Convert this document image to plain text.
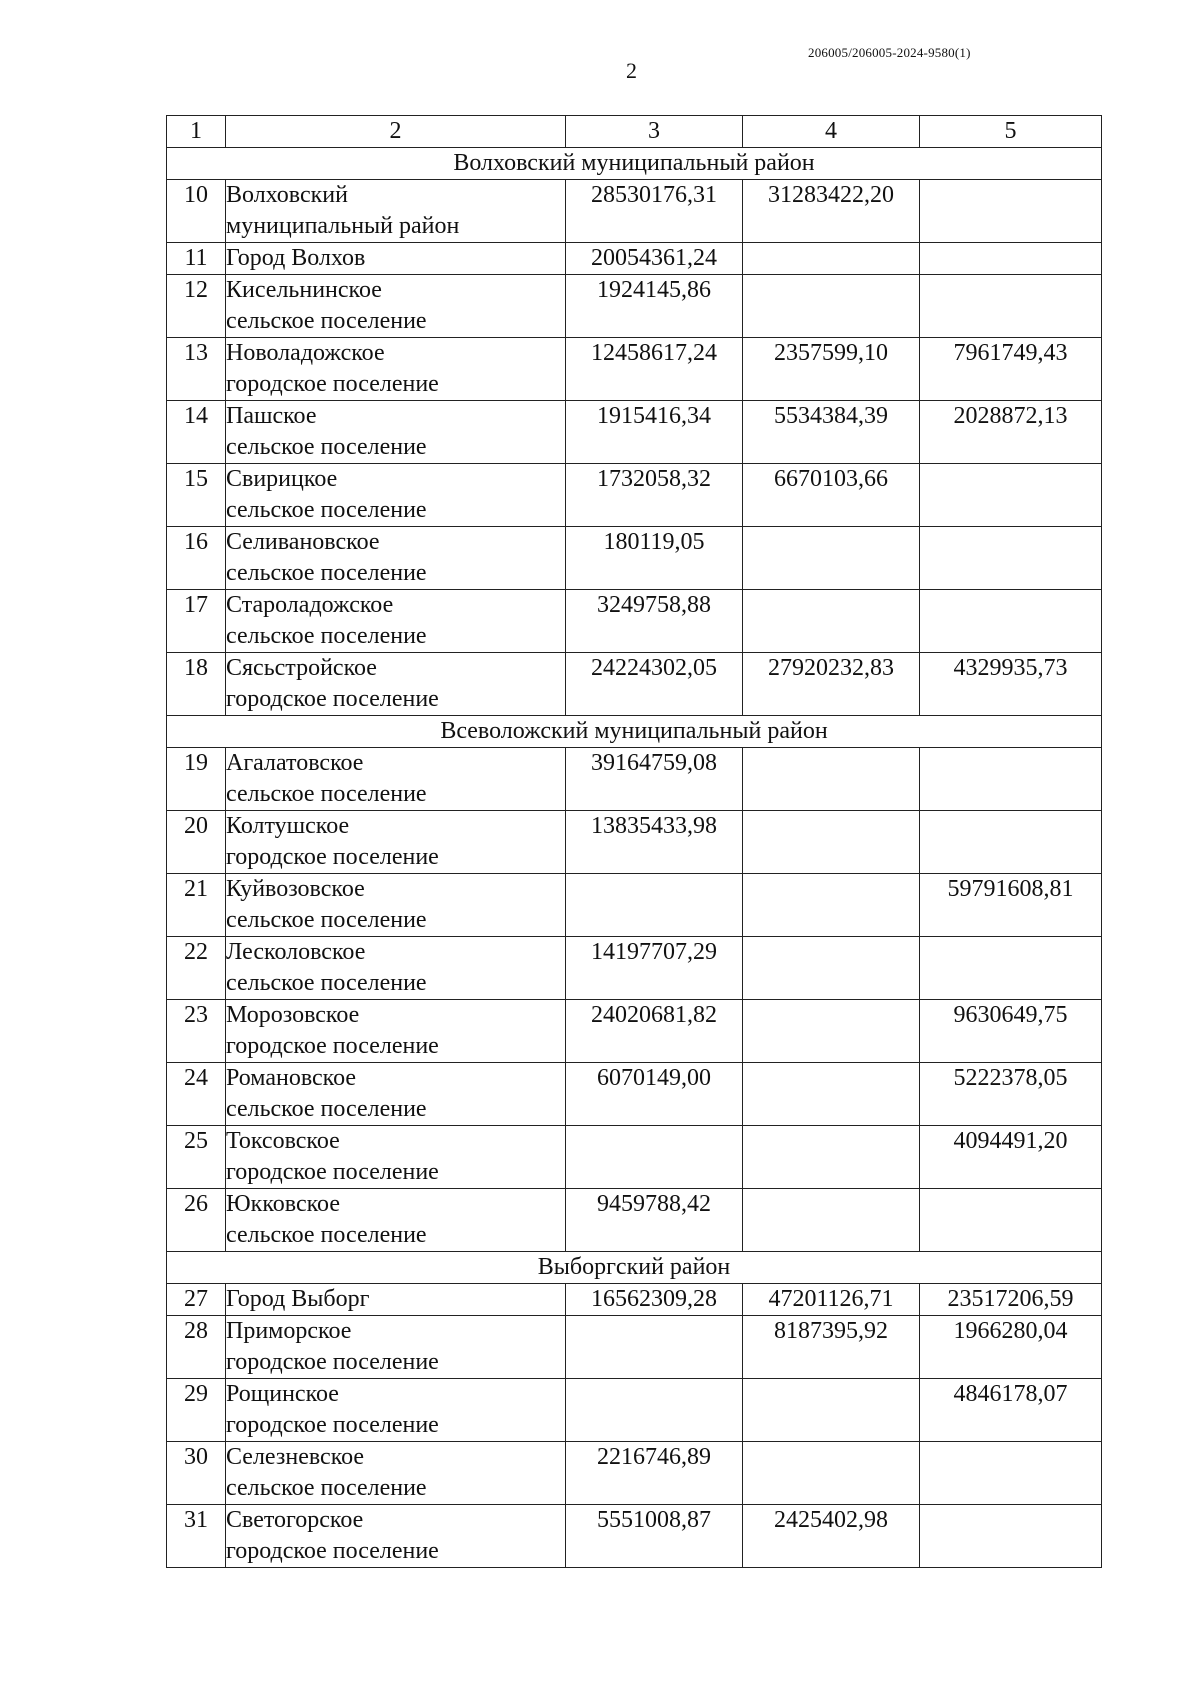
206005/206005-2024-9580(1)
2
1	2	3	4	5
Волховский муниципальный район				
10	Волховский
муниципальный район	28530176,31	31283422,20	
11	Город Волхов	20054361,24		
12	Кисельнинское
сельское поселение	1924145,86		
13	Новоладожское
городское поселение	12458617,24	2357599,10	7961749,43
14	Пашское
сельское поселение	1915416,34	5534384,39	2028872,13
15	Свирицкое
сельское поселение	1732058,32	6670103,66	
16	Селивановское
сельское поселение	180119,05		
17	Староладожское
сельское поселение	3249758,88		
18	Сясьстройское
городское поселение	24224302,05	27920232,83	4329935,73
Всеволожский муниципальный район				
19	Агалатовское
сельское поселение	39164759,08		
20	Колтушское
городское поселение	13835433,98		
21	Куйвозовское
сельское поселение			59791608,81
22	Лесколовское
сельское поселение	14197707,29		
23	Морозовское
городское поселение	24020681,82		9630649,75
24	Романовское
сельское поселение	6070149,00		5222378,05
25	Токсовское
городское поселение			4094491,20
26	Юкковское
сельское поселение	9459788,42		
Выборгский район				
27	Город Выборг	16562309,28	47201126,71	23517206,59
28	Приморское
городское поселение		8187395,92	1966280,04
29	Рощинское
городское поселение			4846178,07
30	Селезневское
сельское поселение	2216746,89		
31	Светогорское
городское поселение	5551008,87	2425402,98	
